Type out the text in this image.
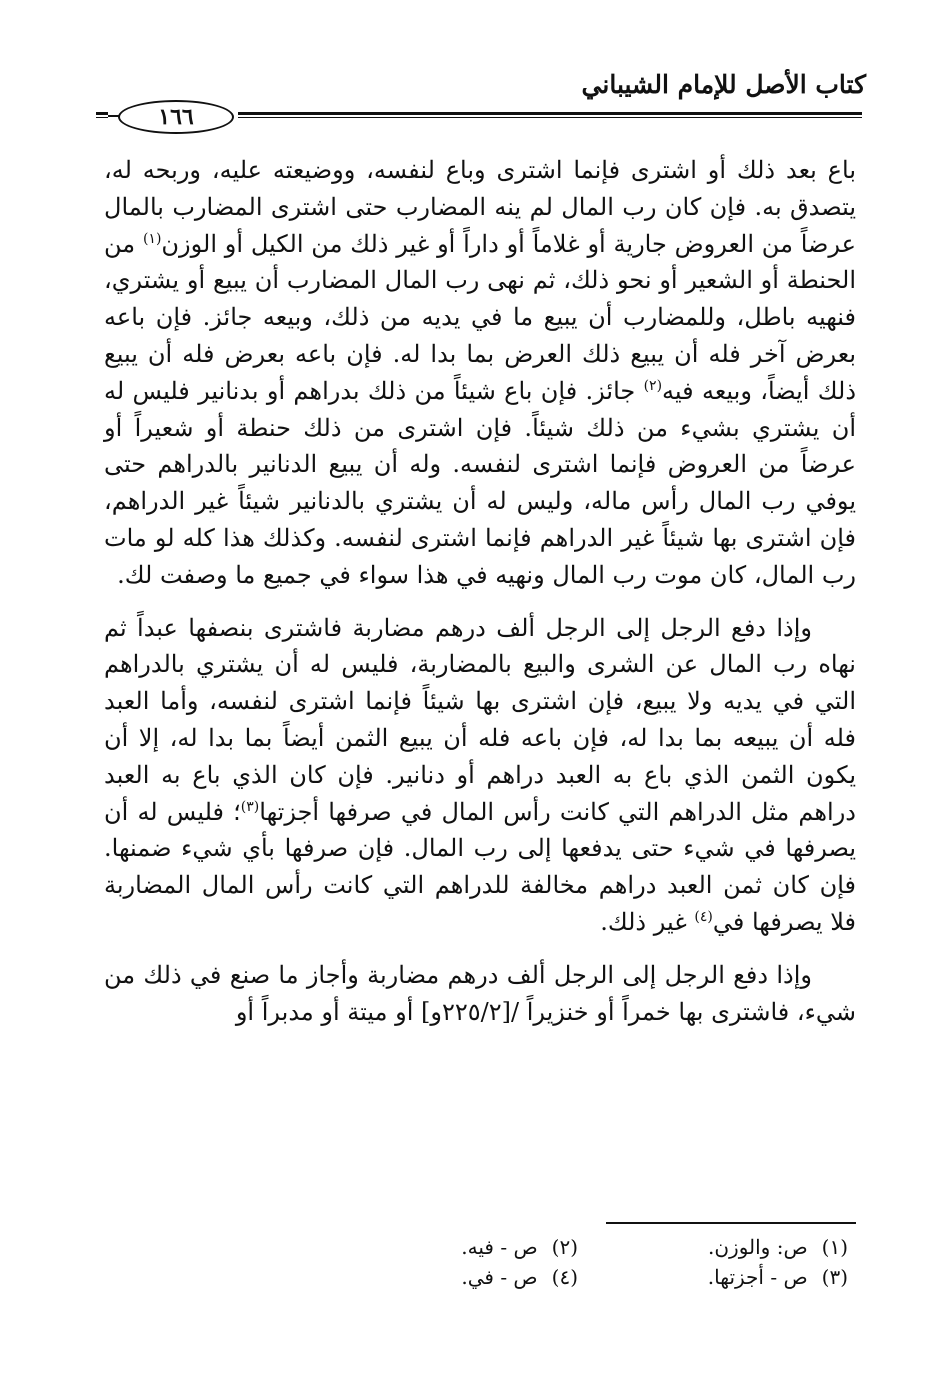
كتاب الأصل للإمام الشيباني
١٦٦

باع بعد ذلك أو اشترى فإنما اشترى وباع لنفسه، ووضيعته عليه، وربحه له، يتصدق به. فإن كان رب المال لم ينه المضارب حتى اشترى المضارب بالمال عرضاً من العروض جارية أو غلاماً أو داراً أو غير ذلك من الكيل أو الوزن$^{(١)}$ من الحنطة أو الشعير أو نحو ذلك، ثم نهى رب المال المضارب أن يبيع أو يشتري، فنهيه باطل، وللمضارب أن يبيع ما في يديه من ذلك، وبيعه جائز. فإن باعه بعرض آخر فله أن يبيع ذلك العرض بما بدا له. فإن باعه بعرض فله أن يبيع ذلك أيضاً، وبيعه فيه$^{(٢)}$ جائز. فإن باع شيئاً من ذلك بدراهم أو بدنانير فليس له أن يشتري بشيء من ذلك شيئاً. فإن اشترى من ذلك حنطة أو شعيراً أو عرضاً من العروض فإنما اشترى لنفسه. وله أن يبيع الدنانير بالدراهم حتى يوفي رب المال رأس ماله، وليس له أن يشتري بالدنانير شيئاً غير الدراهم، فإن اشترى بها شيئاً غير الدراهم فإنما اشترى لنفسه. وكذلك هذا كله لو مات رب المال، كان موت رب المال ونهيه في هذا سواء في جميع ما وصفت لك.

وإذا دفع الرجل إلى الرجل ألف درهم مضاربة فاشترى بنصفها عبداً ثم نهاه رب المال عن الشرى والبيع بالمضاربة، فليس له أن يشتري بالدراهم التي في يديه ولا يبيع، فإن اشترى بها شيئاً فإنما اشترى لنفسه، وأما العبد فله أن يبيعه بما بدا له، فإن باعه فله أن يبيع الثمن أيضاً بما بدا له، إلا أن يكون الثمن الذي باع به العبد دراهم أو دنانير. فإن كان الذي باع به العبد دراهم مثل الدراهم التي كانت رأس المال في صرفها أجزتها$^{(٣)}$؛ فليس له أن يصرفها في شيء حتى يدفعها إلى رب المال. فإن صرفها بأي شيء ضمنها. فإن كان ثمن العبد دراهم مخالفة للدراهم التي كانت رأس المال المضاربة فلا يصرفها في$^{(٤)}$ غير ذلك.

وإذا دفع الرجل إلى الرجل ألف درهم مضاربة وأجاز ما صنع في ذلك من شيء، فاشترى بها خمراً أو خنزيراً /[٢٢٥/٢و] أو ميتة أو مدبراً أو

(١)ص: والوزن.
(٢)ص - فيه.
(٣)ص - أجزتها.
(٤)ص - في.
